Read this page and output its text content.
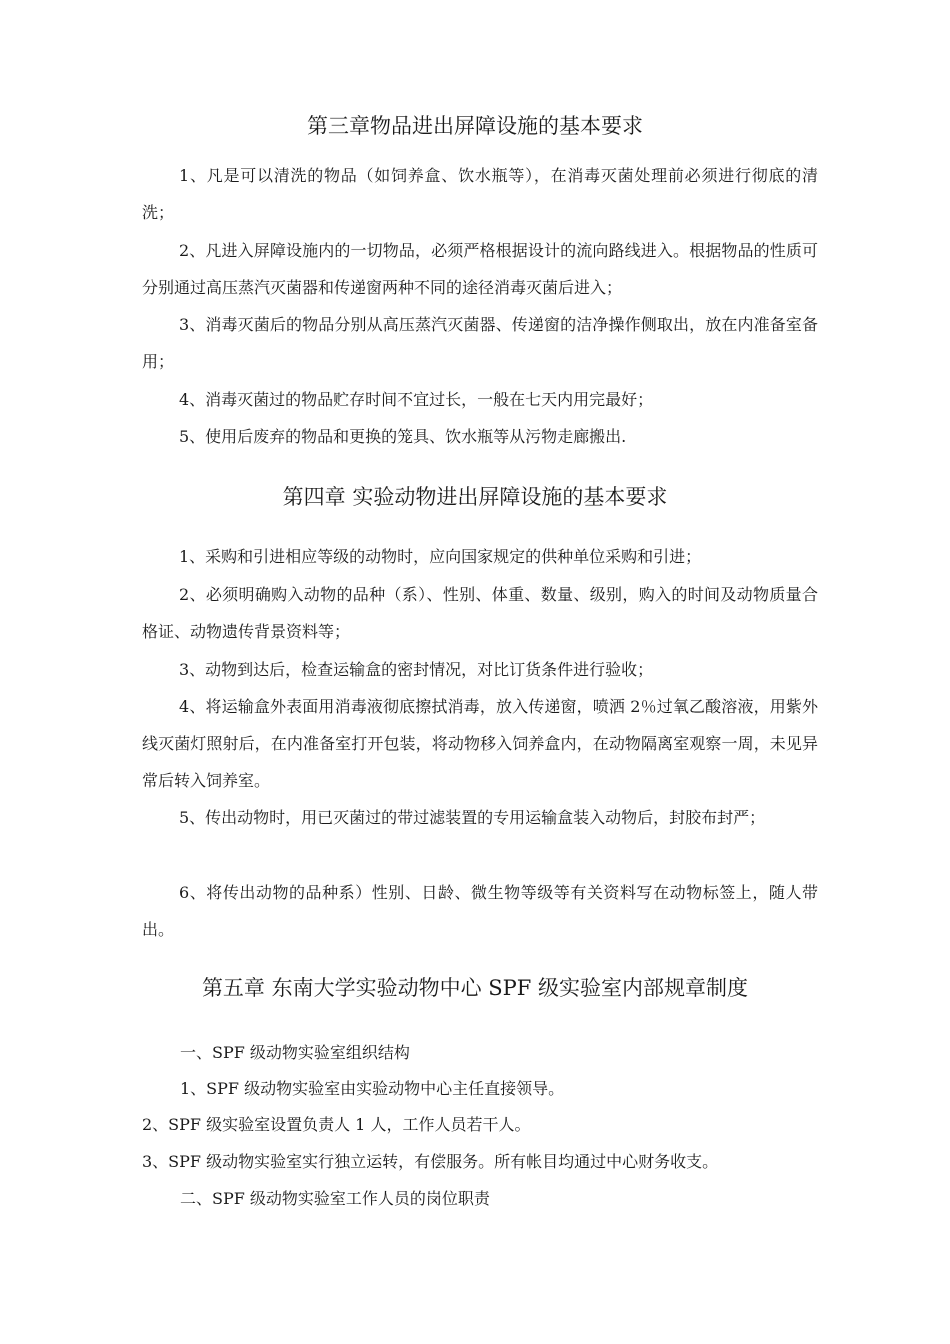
第三章物品进出屏障设施的基本要求

1、凡是可以清洗的物品（如饲养盒、饮水瓶等），在消毒灭菌处理前必须进行彻底的清洗；

2、凡进入屏障设施内的一切物品，必须严格根据设计的流向路线进入。根据物品的性质可分别通过高压蒸汽灭菌器和传递窗两种不同的途径消毒灭菌后进入；

3、消毒灭菌后的物品分别从高压蒸汽灭菌器、传递窗的洁净操作侧取出，放在内准备室备用；

4、消毒灭菌过的物品贮存时间不宜过长，一般在七天内用完最好；

5、使用后废弃的物品和更换的笼具、饮水瓶等从污物走廊搬出.

第四章 实验动物进出屏障设施的基本要求

1、采购和引进相应等级的动物时，应向国家规定的供种单位采购和引进；

2、必须明确购入动物的品种（系）、性别、体重、数量、级别，购入的时间及动物质量合格证、动物遗传背景资料等；

3、动物到达后，检查运输盒的密封情况，对比订货条件进行验收；

4、将运输盒外表面用消毒液彻底擦拭消毒，放入传递窗，喷洒 2％过氧乙酸溶液，用紫外线灭菌灯照射后，在内准备室打开包装，将动物移入饲养盒内，在动物隔离室观察一周，未见异常后转入饲养室。

5、传出动物时，用已灭菌过的带过滤装置的专用运输盒装入动物后，封胶布封严；

6、将传出动物的品种系）性别、日龄、微生物等级等有关资料写在动物标签上，随人带出。

第五章 东南大学实验动物中心 SPF 级实验室内部规章制度

一、SPF 级动物实验室组织结构

1、SPF 级动物实验室由实验动物中心主任直接领导。

2、SPF 级实验室设置负责人 1 人，工作人员若干人。

3、SPF 级动物实验室实行独立运转，有偿服务。所有帐目均通过中心财务收支。

二、SPF 级动物实验室工作人员的岗位职责
